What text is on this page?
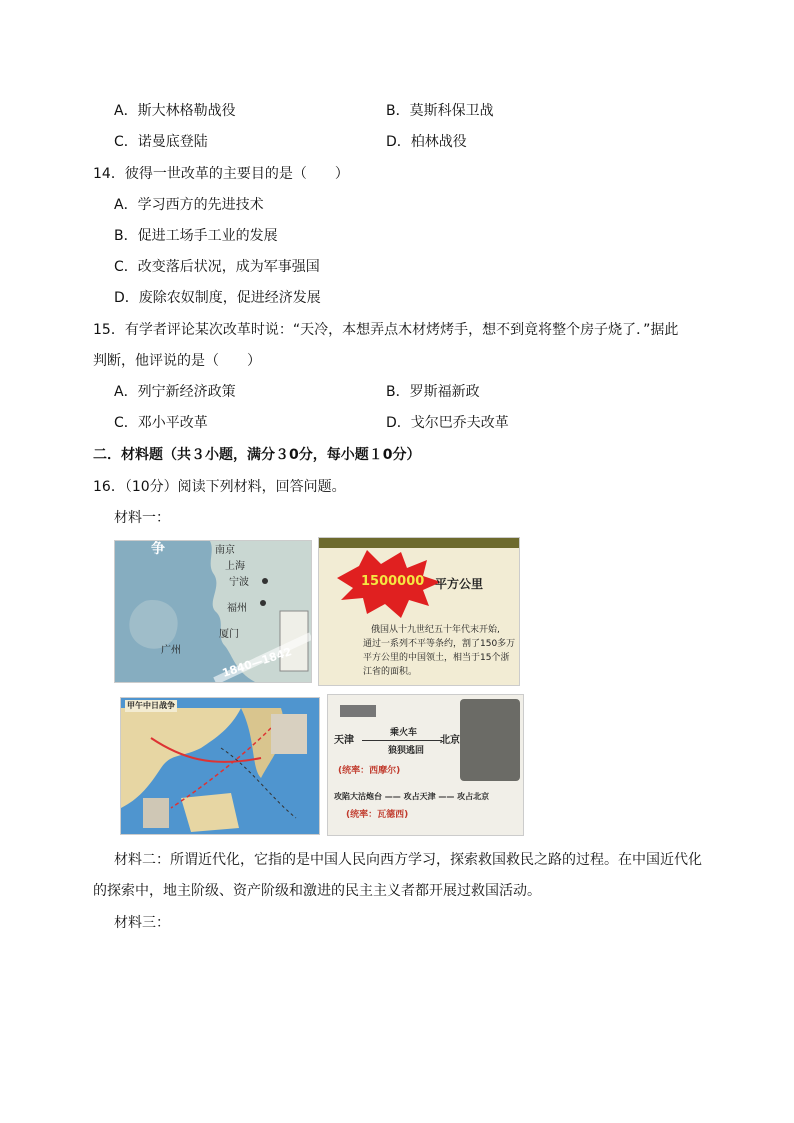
A．斯大林格勒战役	B．莫斯科保卫战
C．诺曼底登陆	D．柏林战役
14．彼得一世改革的主要目的是（　　）
A．学习西方的先进技术
B．促进工场手工业的发展
C．改变落后状况，成为军事强国
D．废除农奴制度，促进经济发展
15．有学者评论某次改革时说：“天冷，本想弄点木材烤烤手，想不到竟将整个房子烧了．”据此
判断，他评说的是（　　）
A．列宁新经济政策	B．罗斯福新政
C．邓小平改革	D．戈尔巴乔夫改革
二．材料题（共３小题，满分３0分，每小题１0分）
16．（10分）阅读下列材料，回答问题。
材料一：
争	南京
上海
宁波
福州
厦门
广州	1840—1842
1500000 平方公里
俄国从十九世纪五十年代末开始,
通过一系列不平等条约，割了150多万
平方公里的中国领土，相当于15个浙
江省的面积。
甲午中日战争
天津
乘火车
狼狈逃回
北京
(统率：西摩尔)
攻陷大沽炮台 —— 攻占天津 —— 攻占北京
(统率：瓦德西)
材料二：所谓近代化，它指的是中国人民向西方学习，探索救国救民之路的过程。在中国近代化
的探索中，地主阶级、资产阶级和激进的民主主义者都开展过救国活动。
材料三：
